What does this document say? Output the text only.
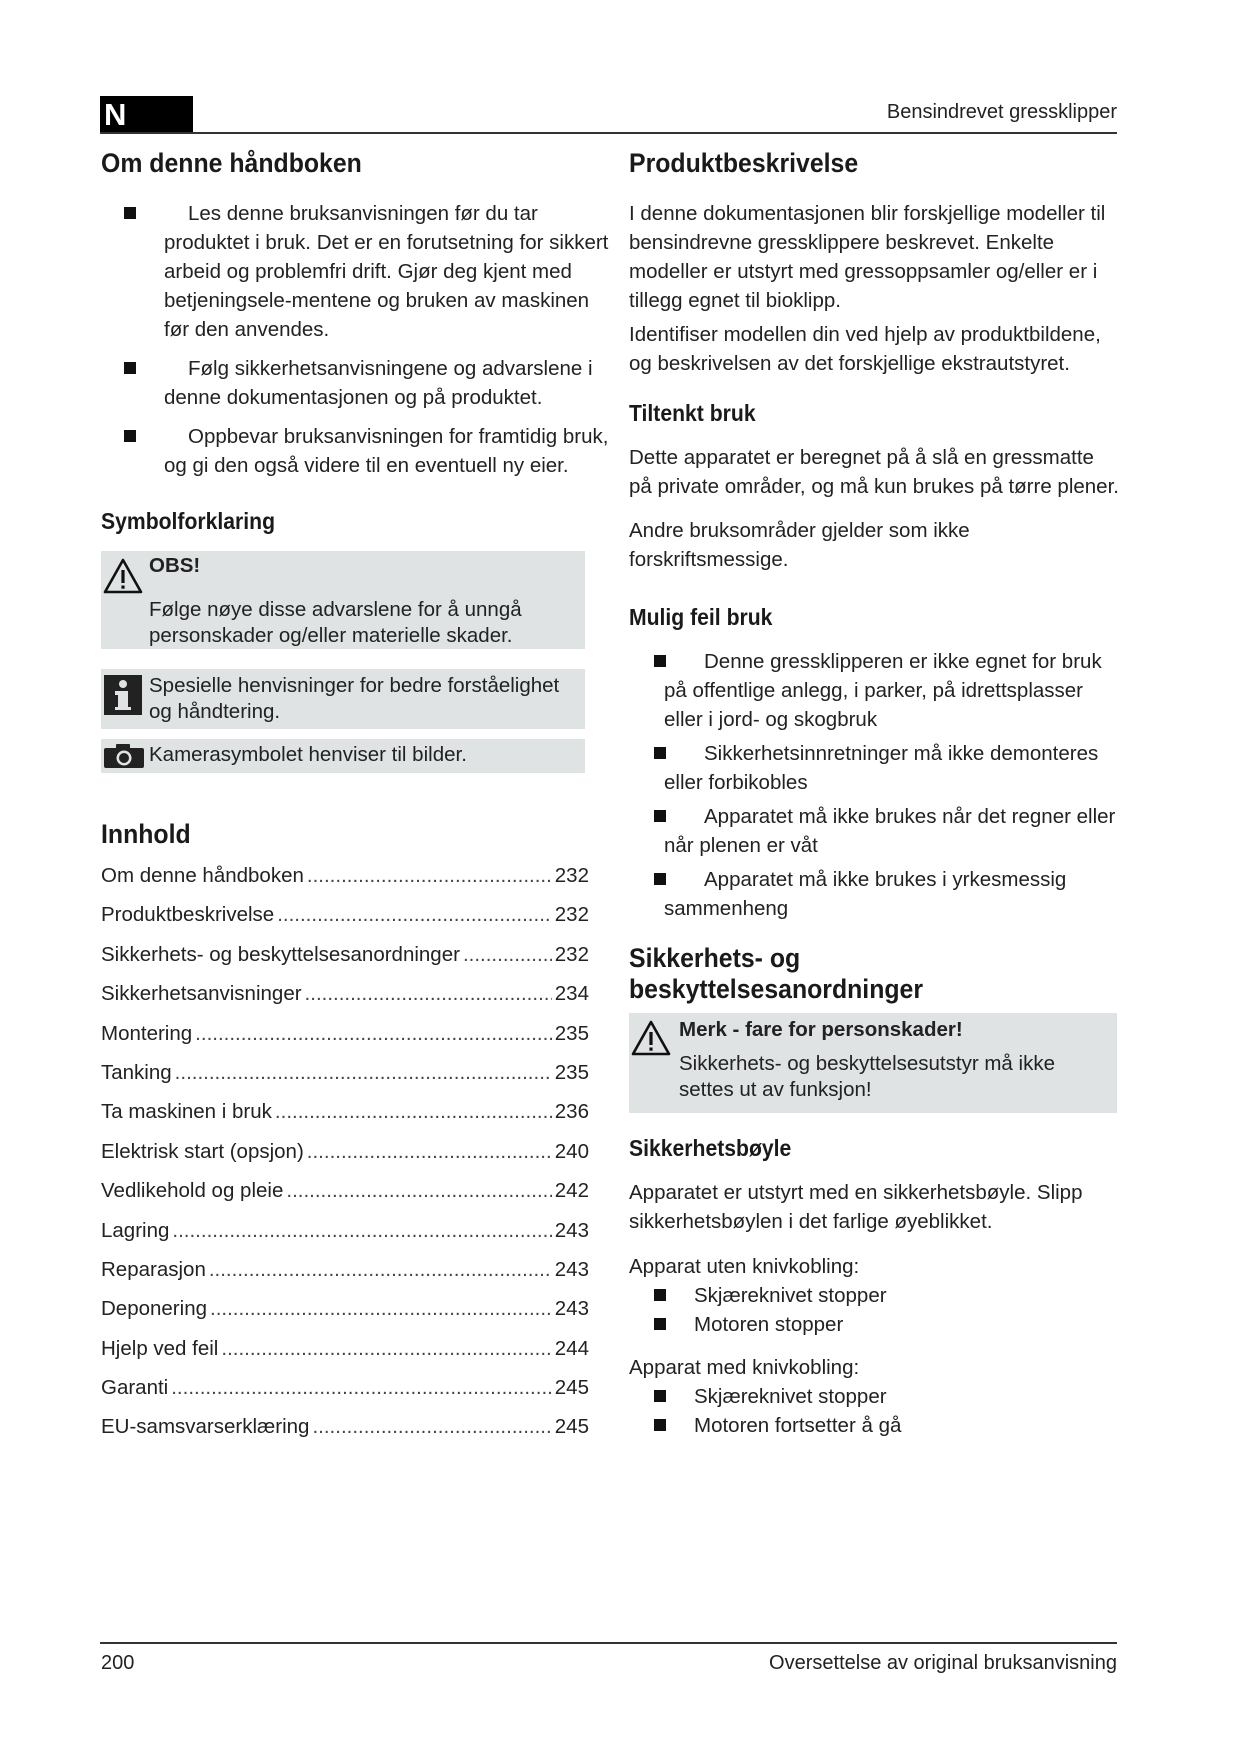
N	Bensindrevet gressklipper
Om denne håndboken
Les denne bruksanvisningen før du tar produktet i bruk. Det er en forutsetning for sikkert arbeid og problemfri drift. Gjør deg kjent med betjeningsele-mentene og bruken av maskinen før den anvendes.
Følg sikkerhetsanvisningene og advarslene i denne dokumentasjonen og på produktet.
Oppbevar bruksanvisningen for framtidig bruk, og gi den også videre til en eventuell ny eier.
Symbolforklaring
OBS!
Følge nøye disse advarslene for å unngå personskader og/eller materielle skader.
Spesielle henvisninger for bedre forståelighet og håndtering.
Kamerasymbolet henviser til bilder.
Innhold
Om denne håndboken .....	232
Produktbeskrivelse .....	232
Sikkerhets- og beskyttelsesanordninger .....	232
Sikkerhetsanvisninger .....	234
Montering .....	235
Tanking .....	235
Ta maskinen i bruk .....	236
Elektrisk start (opsjon) .....	240
Vedlikehold og pleie .....	242
Lagring .....	243
Reparasjon .....	243
Deponering .....	243
Hjelp ved feil .....	244
Garanti .....	245
EU-samsvarserklæring .....	245
Produktbeskrivelse

I denne dokumentasjonen blir forskjellige modeller til bensindrevne gressklippere beskrevet. Enkelte modeller er utstyrt med gressoppsamler og/eller er i tillegg egnet til bioklipp.

Identifiser modellen din ved hjelp av produktbildene, og beskrivelsen av det forskjellige ekstrautstyret.

Tiltenkt bruk

Dette apparatet er beregnet på å slå en gressmatte på private områder, og må kun brukes på tørre plener.

Andre bruksområder gjelder som ikke forskriftsmessige.

Mulig feil bruk
Denne gressklipperen er ikke egnet for bruk på offentlige anlegg, i parker, på idrettsplasser eller i jord- og skogbruk
Sikkerhetsinnretninger må ikke demonteres eller forbikobles
Apparatet må ikke brukes når det regner eller når plenen er våt
Apparatet må ikke brukes i yrkesmessig sammenheng
Sikkerhets- og beskyttelsesanordninger
Merk - fare for personskader!
Sikkerhets- og beskyttelsesutstyr må ikke settes ut av funksjon!
Sikkerhetsbøyle

Apparatet er utstyrt med en sikkerhetsbøyle. Slipp sikkerhetsbøylen i det farlige øyeblikket.

Apparat uten knivkobling:

Skjæreknivet stopper
Motoren stopper

Apparat med knivkobling:

Skjæreknivet stopper
Motoren fortsetter å gå
200	Oversettelse av original bruksanvisning
